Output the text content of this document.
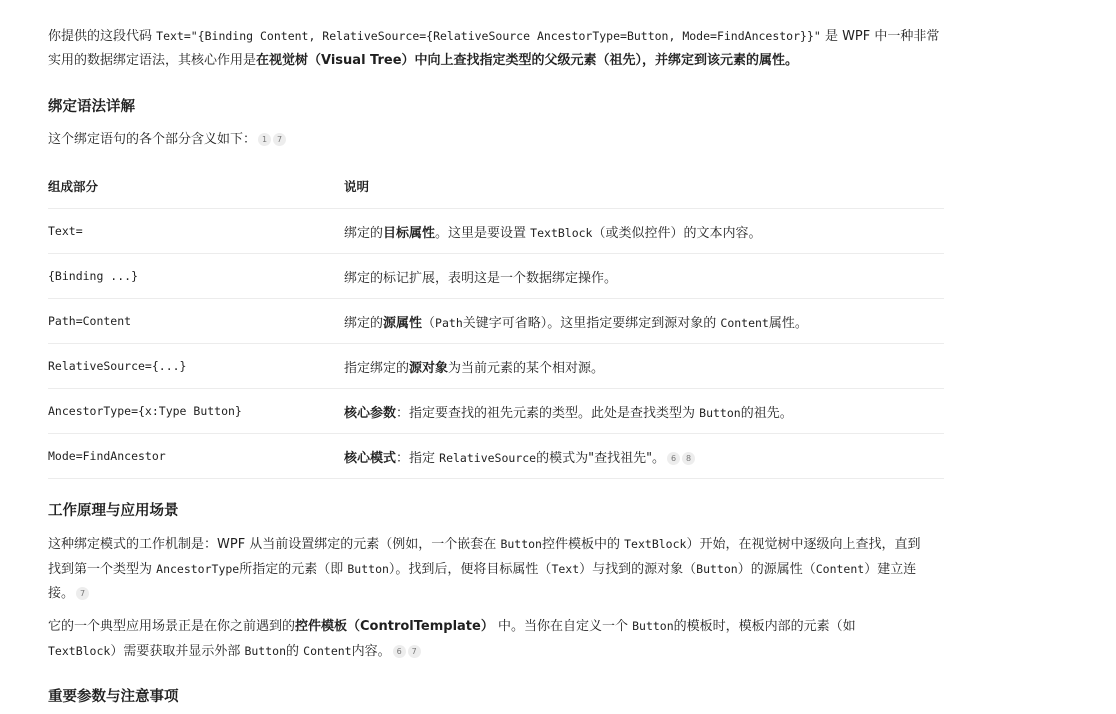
你提供的这段代码 Text="{Binding Content, RelativeSource={RelativeSource AncestorType=Button, Mode=FindAncestor}}" 是 WPF 中一种非常实用的数据绑定语法，其核心作用是在视觉树（Visual Tree）中向上查找指定类型的父级元素（祖先），并绑定到该元素的属性。

绑定语法详解

这个绑定语句的各个部分含义如下： 1 7

组成部分	说明
Text=	绑定的目标属性。这里是要设置 TextBlock（或类似控件）的文本内容。
{Binding ...}	绑定的标记扩展，表明这是一个数据绑定操作。
Path=Content	绑定的源属性（Path关键字可省略）。这里指定要绑定到源对象的 Content属性。
RelativeSource={...}	指定绑定的源对象为当前元素的某个相对源。
AncestorType={x:Type Button}	核心参数：指定要查找的祖先元素的类型。此处是查找类型为 Button的祖先。
Mode=FindAncestor	核心模式：指定 RelativeSource的模式为"查找祖先"。 6 8
工作原理与应用场景

这种绑定模式的工作机制是：WPF 从当前设置绑定的元素（例如，一个嵌套在 Button控件模板中的 TextBlock）开始，在视觉树中逐级向上查找，直到找到第一个类型为 AncestorType所指定的元素（即 Button）。找到后，便将目标属性（Text）与找到的源对象（Button）的源属性（Content）建立连接。 7

它的一个典型应用场景正是在你之前遇到的控件模板（ControlTemplate） 中。当你在自定义一个 Button的模板时，模板内部的元素（如 TextBlock）需要获取并显示外部 Button的 Content内容。 6 7

重要参数与注意事项
